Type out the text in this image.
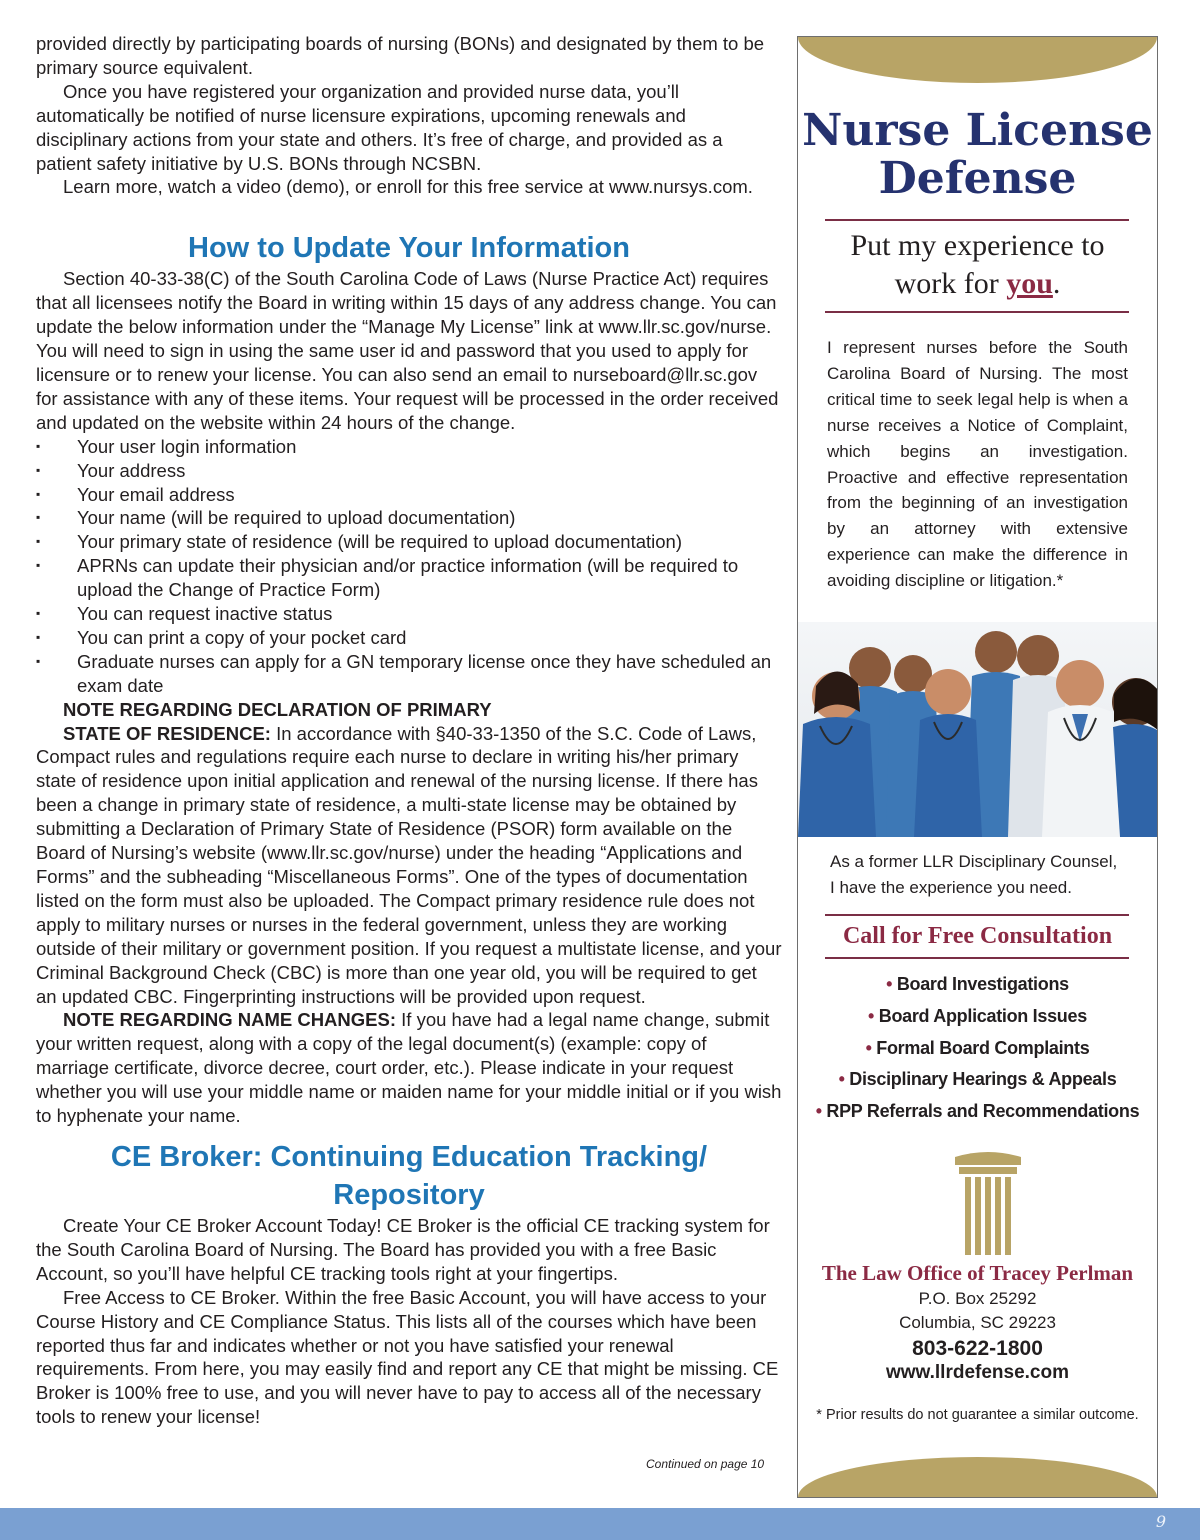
provided directly by participating boards of nursing (BONs) and designated by them to be primary source equivalent.

Once you have registered your organization and provided nurse data, you’ll automatically be notified of nurse licensure expirations, upcoming renewals and disciplinary actions from your state and others. It’s free of charge, and provided as a patient safety initiative by U.S. BONs through NCSBN.

Learn more, watch a video (demo), or enroll for this free service at www.nursys.com.

How to Update Your Information

Section 40-33-38(C) of the South Carolina Code of Laws (Nurse Practice Act) requires that all licensees notify the Board in writing within 15 days of any address change. You can update the below information under the “Manage My License” link at www.llr.sc.gov/nurse. You will need to sign in using the same user id and password that you used to apply for licensure or to renew your license. You can also send an email to nurseboard@llr.sc.gov for assistance with any of these items. Your request will be processed in the order received and updated on the website within 24 hours of the change.

▪ Your user login information
▪ Your address
▪ Your email address
▪ Your name (will be required to upload documentation)
▪ Your primary state of residence (will be required to upload documentation)
▪ APRNs can update their physician and/or practice information (will be required to upload the Change of Practice Form)
▪ You can request inactive status
▪ You can print a copy of your pocket card
▪ Graduate nurses can apply for a GN temporary license once they have scheduled an exam date

NOTE REGARDING DECLARATION OF PRIMARY

STATE OF RESIDENCE: In accordance with §40-33-1350 of the S.C. Code of Laws, Compact rules and regulations require each nurse to declare in writing his/her primary state of residence upon initial application and renewal of the nursing license. If there has been a change in primary state of residence, a multi-state license may be obtained by submitting a Declaration of Primary State of Residence (PSOR) form available on the Board of Nursing’s website (www.llr.sc.gov/nurse) under the heading “Applications and Forms” and the subheading “Miscellaneous Forms”. One of the types of documentation listed on the form must also be uploaded. The Compact primary residence rule does not apply to military nurses or nurses in the federal government, unless they are working outside of their military or government position. If you request a multistate license, and your Criminal Background Check (CBC) is more than one year old, you will be required to get an updated CBC. Fingerprinting instructions will be provided upon request.

NOTE REGARDING NAME CHANGES: If you have had a legal name change, submit your written request, along with a copy of the legal document(s) (example: copy of marriage certificate, divorce decree, court order, etc.). Please indicate in your request whether you will use your middle name or maiden name for your middle initial or if you wish to hyphenate your name.

CE Broker: Continuing Education Tracking/
Repository

Create Your CE Broker Account Today! CE Broker is the official CE tracking system for the South Carolina Board of Nursing. The Board has provided you with a free Basic Account, so you’ll have helpful CE tracking tools right at your fingertips.

Free Access to CE Broker. Within the free Basic Account, you will have access to your Course History and CE Compliance Status. This lists all of the courses which have been reported thus far and indicates whether or not you have satisfied your renewal requirements. From here, you may easily find and report any CE that might be missing. CE Broker is 100% free to use, and you will never have to pay to access all of the necessary tools to renew your license!

Continued on page 10
Nurse License
Defense
Put my experience to
work for you.
I represent nurses before the South Carolina Board of Nursing. The most critical time to seek legal help is when a nurse receives a Notice of Complaint, which begins an investigation. Proactive and effective representation from the beginning of an investigation by an attorney with extensive experience can make the difference in avoiding discipline or litigation.*
As a former LLR Disciplinary Counsel,
I have the experience you need.
Call for Free Consultation
• Board Investigations
• Board Application Issues
• Formal Board Complaints
• Disciplinary Hearings & Appeals
• RPP Referrals and Recommendations
The Law Office of Tracey Perlman
P.O. Box 25292
Columbia, SC 29223
803-622-1800
www.llrdefense.com
* Prior results do not guarantee a similar outcome.
9
